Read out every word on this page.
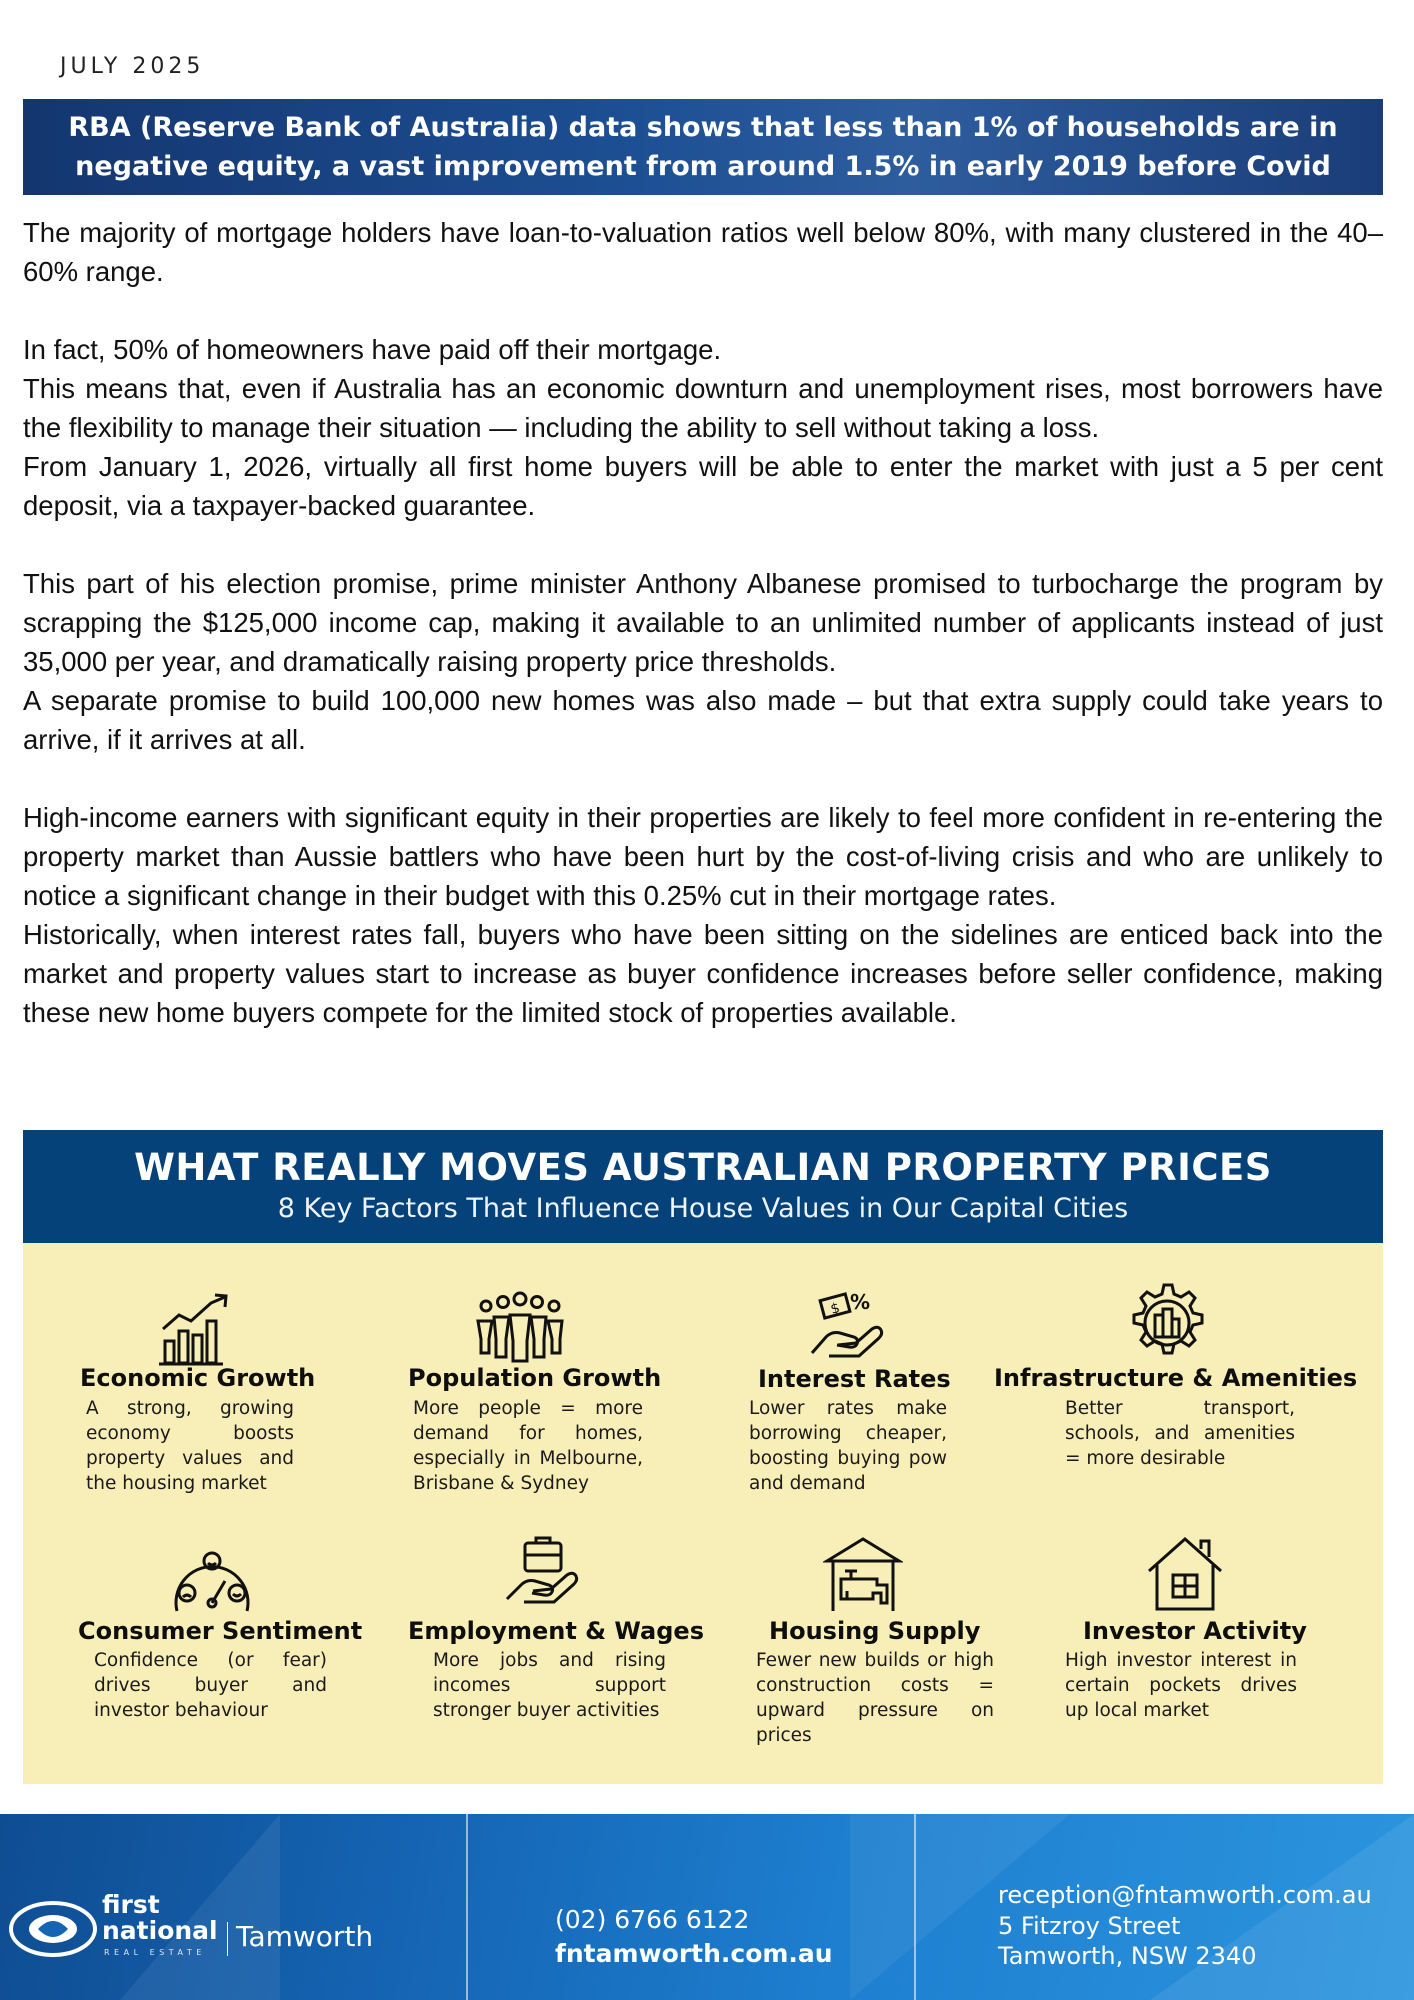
JULY 2025
RBA (Reserve Bank of Australia) data shows that less than 1% of households are in
negative equity, a vast improvement from around 1.5% in early 2019 before Covid

The majority of mortgage holders have loan-to-valuation ratios well below 80%, with many clustered in the 40–60% range.

In fact, 50% of homeowners have paid off their mortgage.

This means that, even if Australia has an economic downturn and unemployment rises, most borrowers have the flexibility to manage their situation — including the ability to sell without taking a loss.

From January 1, 2026, virtually all first home buyers will be able to enter the market with just a 5 per cent deposit, via a taxpayer-backed guarantee.

This part of his election promise, prime minister Anthony Albanese promised to turbocharge the program by scrapping the $125,000 income cap, making it available to an unlimited number of applicants instead of just 35,000 per year, and dramatically raising property price thresholds.

A separate promise to build 100,000 new homes was also made – but that extra supply could take years to arrive, if it arrives at all.

High-income earners with significant equity in their properties are likely to feel more confident in re-entering the property market than Aussie battlers who have been hurt by the cost-of-living crisis and who are unlikely to notice a significant change in their budget with this 0.25% cut in their mortgage rates.

Historically, when interest rates fall, buyers who have been sitting on the sidelines are enticed back into the market and property values start to increase as buyer confidence increases before seller confidence, making these new home buyers compete for the limited stock of properties available.

WHAT REALLY MOVES AUSTRALIAN PROPERTY PRICES
8 Key Factors That Influence House Values in Our Capital Cities
Economic Growth
A strong, growing economy boosts property values and the housing market
Population Growth
More people = more demand for homes, especially in Melbourne, Brisbane & Sydney
$ %
Interest Rates
Lower rates make borrowing cheaper, boosting buying pow and demand
Infrastructure & Amenities
Better transport, schools, and amenities = more desirable
Consumer Sentiment
Confidence (or fear) drives buyer and investor behaviour
Employment & Wages
More jobs and rising incomes support stronger buyer activities
Housing Supply
Fewer new builds or high construction costs = upward pressure on prices
Investor Activity
High investor interest in certain pockets drives up local market
first
national
REAL ESTATE Tamworth
(02) 6766 6122
fntamworth.com.au
reception@fntamworth.com.au
5 Fitzroy Street
Tamworth, NSW 2340
